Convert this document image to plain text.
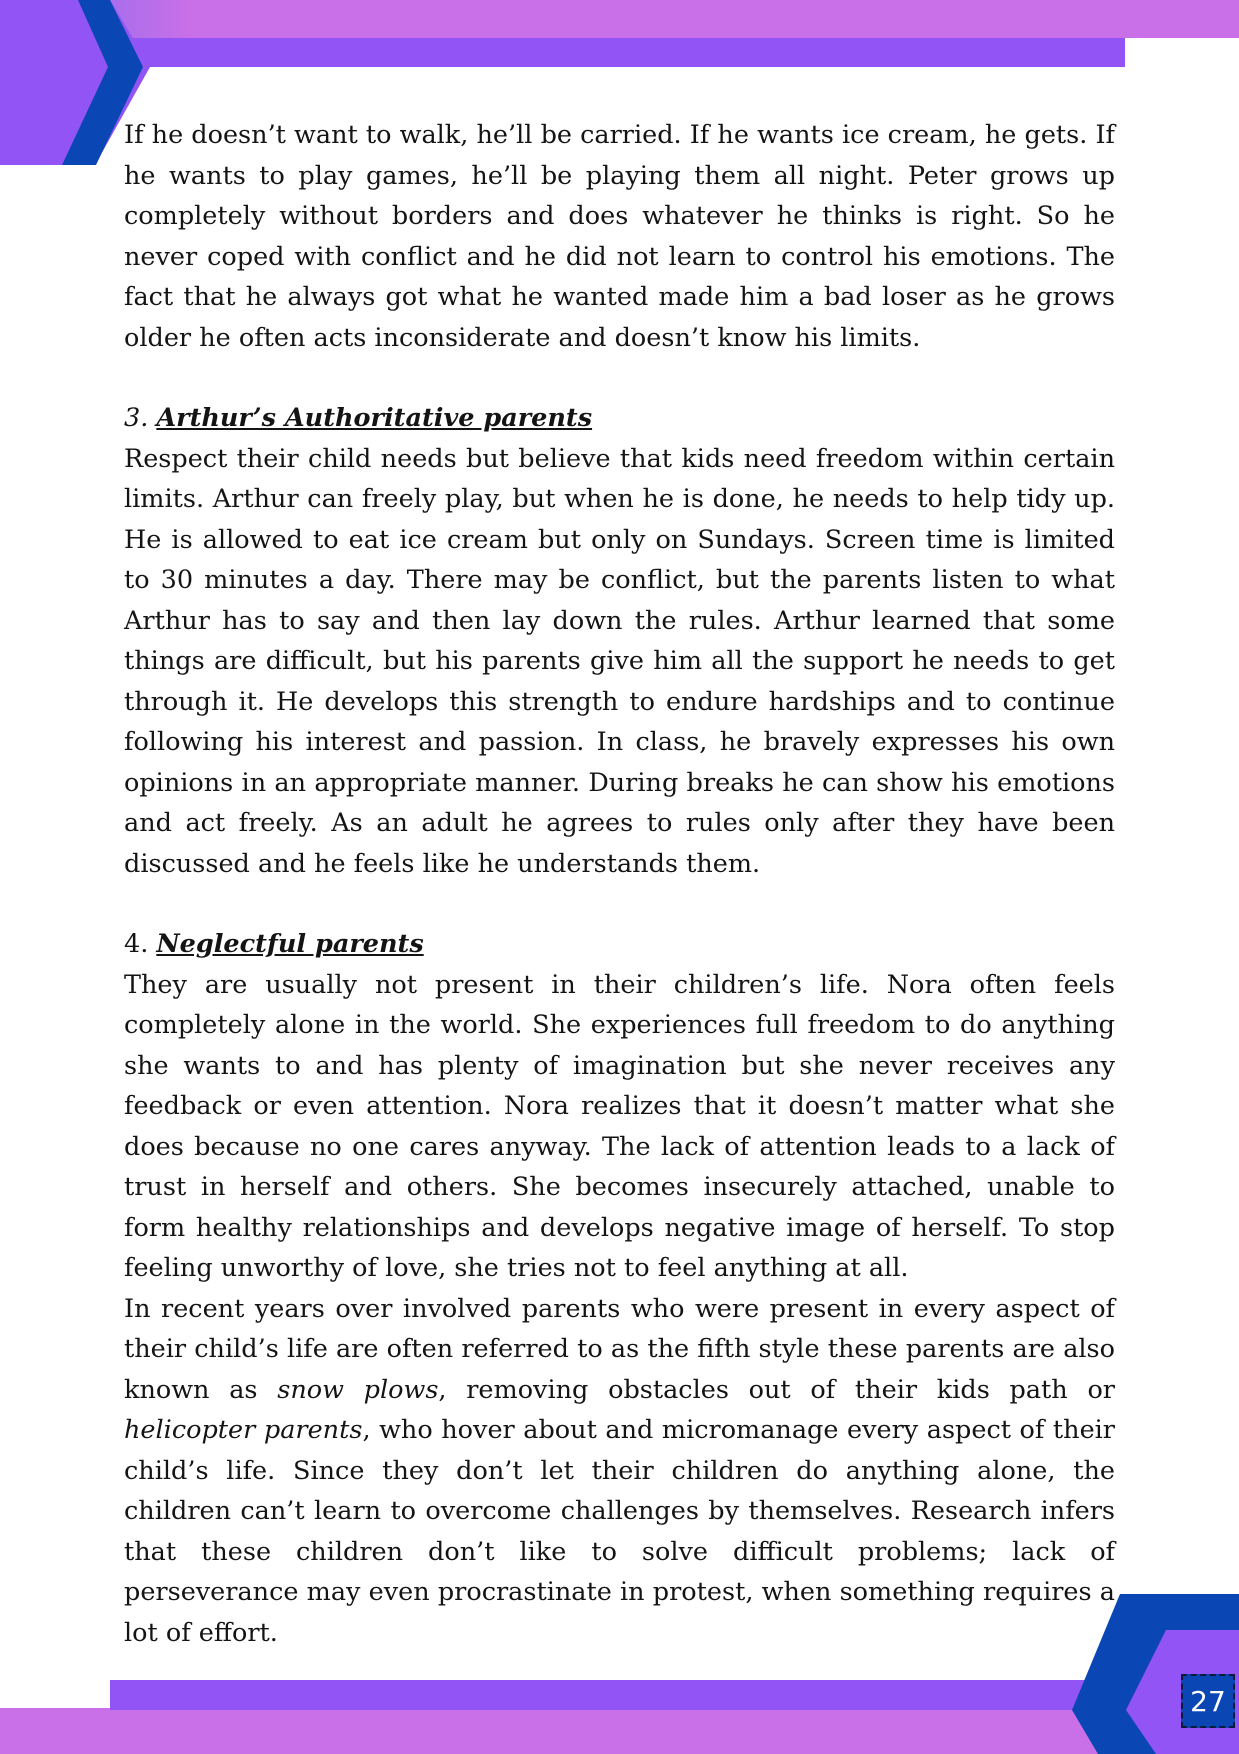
27

If he doesn’t want to walk, he’ll be carried. If he wants ice cream, he gets. If he wants to play games, he’ll be playing them all night. Peter grows up completely without borders and does whatever he thinks is right. So he never coped with conflict and he did not learn to control his emotions. The fact that he always got what he wanted made him a bad loser as he grows older he often acts inconsiderate and doesn’t know his limits.

3. Arthur’s Authoritative parents

Respect their child needs but believe that kids need freedom within certain limits. Arthur can freely play, but when he is done, he needs to help tidy up. He is allowed to eat ice cream but only on Sundays. Screen time is limited to 30 minutes a day. There may be conflict, but the parents listen to what Arthur has to say and then lay down the rules. Arthur learned that some things are difficult, but his parents give him all the support he needs to get through it. He develops this strength to endure hardships and to continue following his interest and passion. In class, he bravely expresses his own opinions in an appropriate manner. During breaks he can show his emotions and act freely. As an adult he agrees to rules only after they have been discussed and he feels like he understands them.

4. Neglectful parents

They are usually not present in their children’s life. Nora often feels completely alone in the world. She experiences full freedom to do anything she wants to and has plenty of imagination but she never receives any feedback or even attention. Nora realizes that it doesn’t matter what she does because no one cares anyway. The lack of attention leads to a lack of trust in herself and others. She becomes insecurely attached, unable to form healthy relationships and develops negative image of herself. To stop feeling unworthy of love, she tries not to feel anything at all.

In recent years over involved parents who were present in every aspect of their child’s life are often referred to as the fifth style these parents are also known as snow plows, removing obstacles out of their kids path or helicopter parents, who hover about and micromanage every aspect of their child’s life. Since they don’t let their children do anything alone, the children can’t learn to overcome challenges by themselves. Research infers that these children don’t like to solve difficult problems; lack of perseverance may even procrastinate in protest, when something requires a lot of effort.
